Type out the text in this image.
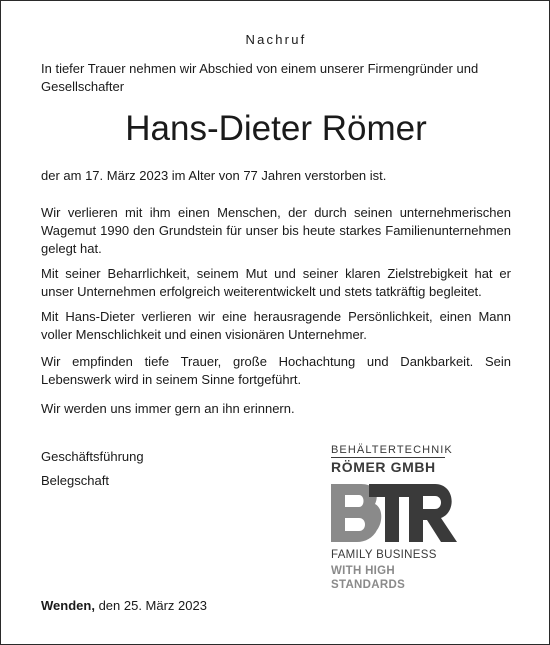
Nachruf
In tiefer Trauer nehmen wir Abschied von einem unserer Firmengründer und Gesellschafter
Hans-Dieter Römer
der am 17. März 2023 im Alter von 77 Jahren verstorben ist.
Wir verlieren mit ihm einen Menschen, der durch seinen unternehmerischen Wagemut 1990 den Grundstein für unser bis heute starkes Familienunternehmen gelegt hat.
Mit seiner Beharrlichkeit, seinem Mut und seiner klaren Zielstrebigkeit hat er unser Unternehmen erfolgreich weiterentwickelt und stets tatkräftig begleitet.
Mit Hans-Dieter verlieren wir eine herausragende Persönlichkeit, einen Mann voller Menschlichkeit und einen visionären Unternehmer.
Wir empfinden tiefe Trauer, große Hochachtung und Dankbarkeit. Sein Lebenswerk wird in seinem Sinne fortgeführt.
Wir werden uns immer gern an ihn erinnern.
Geschäftsführung
Belegschaft
BEHÄLTERTECHNIK
RÖMER GMBH
FAMILY BUSINESS
WITH HIGH STANDARDS
Wenden, den 25. März 2023
